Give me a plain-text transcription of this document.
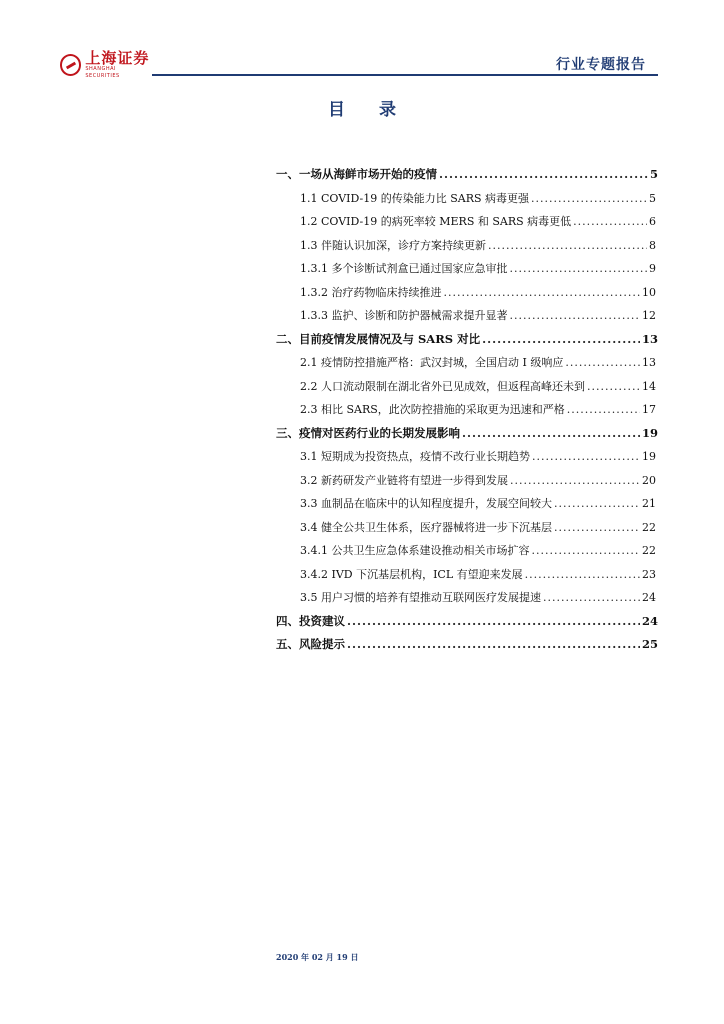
上海证券
SHANGHAI SECURITIES
行业专题报告
目 录
一、一场从海鲜市场开始的疫情 .....	5
1.1 COVID-19 的传染能力比 SARS 病毒更强 .....	5
1.2 COVID-19 的病死率较 MERS 和 SARS 病毒更低 .....	6
1.3 伴随认识加深，诊疗方案持续更新 .....	8
1.3.1 多个诊断试剂盒已通过国家应急审批 .....	9
1.3.2 治疗药物临床持续推进 .....	10
1.3.3 监护、诊断和防护器械需求提升显著 .....	12
二、目前疫情发展情况及与 SARS 对比 .....	13
2.1 疫情防控措施严格：武汉封城，全国启动 I 级响应 .....	13
2.2 人口流动限制在湖北省外已见成效，但返程高峰还未到 .....	14
2.3 相比 SARS，此次防控措施的采取更为迅速和严格 .....	17
三、疫情对医药行业的长期发展影响 .....	19
3.1 短期成为投资热点，疫情不改行业长期趋势 .....	19
3.2 新药研发产业链将有望进一步得到发展 .....	20
3.3 血制品在临床中的认知程度提升，发展空间较大 .....	21
3.4 健全公共卫生体系，医疗器械将进一步下沉基层 .....	22
3.4.1 公共卫生应急体系建设推动相关市场扩容 .....	22
3.4.2 IVD 下沉基层机构，ICL 有望迎来发展 .....	23
3.5 用户习惯的培养有望推动互联网医疗发展提速 .....	24
四、投资建议 .....	24
五、风险提示 .....	25
2020 年 02 月 19 日
